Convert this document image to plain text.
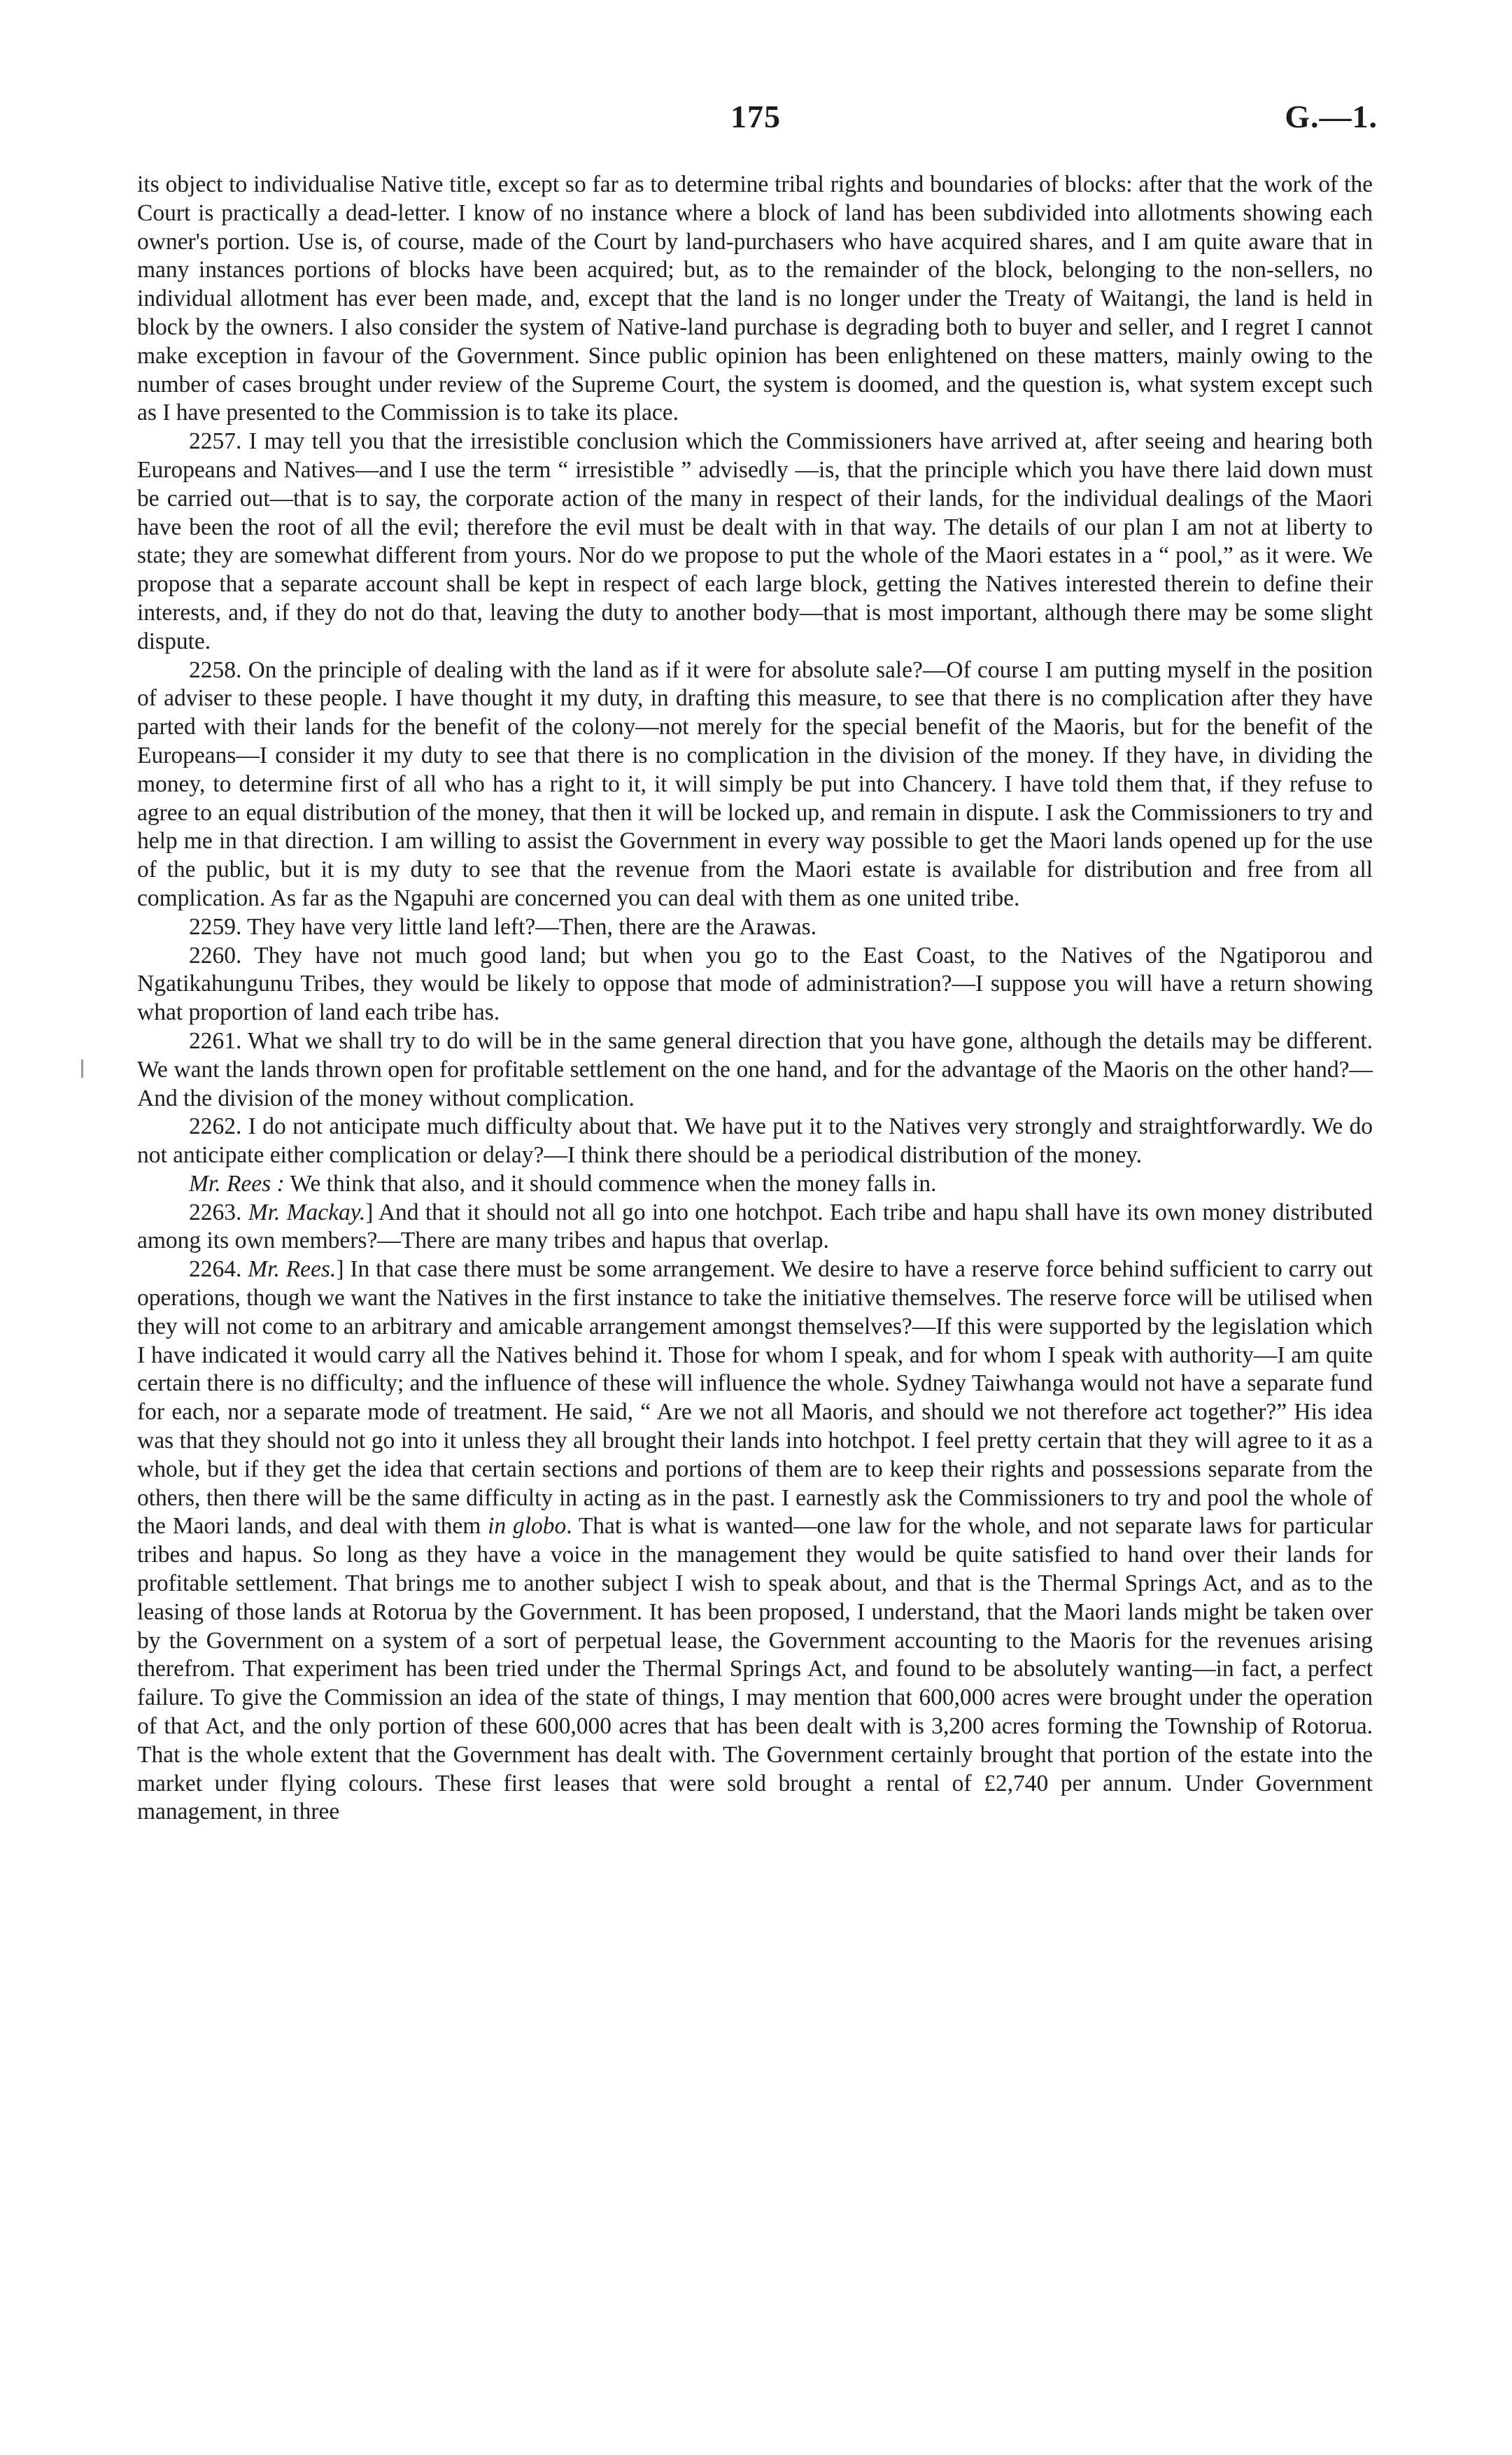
175	G.—1.

its object to individualise Native title, except so far as to determine tribal rights and boundaries of blocks: after that the work of the Court is practically a dead-letter. I know of no instance where a block of land has been subdivided into allotments showing each owner's portion. Use is, of course, made of the Court by land-purchasers who have acquired shares, and I am quite aware that in many instances portions of blocks have been acquired; but, as to the remainder of the block, belonging to the non-sellers, no individual allotment has ever been made, and, except that the land is no longer under the Treaty of Waitangi, the land is held in block by the owners. I also consider the system of Native-land purchase is degrading both to buyer and seller, and I regret I cannot make exception in favour of the Government. Since public opinion has been enlightened on these matters, mainly owing to the number of cases brought under review of the Supreme Court, the system is doomed, and the question is, what system except such as I have presented to the Commission is to take its place.

2257. I may tell you that the irresistible conclusion which the Commissioners have arrived at, after seeing and hearing both Europeans and Natives—and I use the term “ irresistible ” advisedly —is, that the principle which you have there laid down must be carried out—that is to say, the corporate action of the many in respect of their lands, for the individual dealings of the Maori have been the root of all the evil; therefore the evil must be dealt with in that way. The details of our plan I am not at liberty to state; they are somewhat different from yours. Nor do we propose to put the whole of the Maori estates in a “ pool,” as it were. We propose that a separate account shall be kept in respect of each large block, getting the Natives interested therein to define their interests, and, if they do not do that, leaving the duty to another body—that is most important, although there may be some slight dispute.

2258. On the principle of dealing with the land as if it were for absolute sale?—Of course I am putting myself in the position of adviser to these people. I have thought it my duty, in drafting this measure, to see that there is no complication after they have parted with their lands for the benefit of the colony—not merely for the special benefit of the Maoris, but for the benefit of the Europeans—I consider it my duty to see that there is no complication in the division of the money. If they have, in dividing the money, to determine first of all who has a right to it, it will simply be put into Chancery. I have told them that, if they refuse to agree to an equal distribution of the money, that then it will be locked up, and remain in dispute. I ask the Commissioners to try and help me in that direction. I am willing to assist the Government in every way possible to get the Maori lands opened up for the use of the public, but it is my duty to see that the revenue from the Maori estate is available for distribution and free from all complication. As far as the Ngapuhi are concerned you can deal with them as one united tribe.

2259. They have very little land left?—Then, there are the Arawas.

2260. They have not much good land; but when you go to the East Coast, to the Natives of the Ngatiporou and Ngatikahungunu Tribes, they would be likely to oppose that mode of administration?—I suppose you will have a return showing what proportion of land each tribe has.

2261. What we shall try to do will be in the same general direction that you have gone, although the details may be different. We want the lands thrown open for profitable settlement on the one hand, and for the advantage of the Maoris on the other hand?—And the division of the money without complication.

2262. I do not anticipate much difficulty about that. We have put it to the Natives very strongly and straightforwardly. We do not anticipate either complication or delay?—I think there should be a periodical distribution of the money.

Mr. Rees : We think that also, and it should commence when the money falls in.

2263. Mr. Mackay.] And that it should not all go into one hotchpot. Each tribe and hapu shall have its own money distributed among its own members?—There are many tribes and hapus that overlap.

2264. Mr. Rees.] In that case there must be some arrangement. We desire to have a reserve force behind sufficient to carry out operations, though we want the Natives in the first instance to take the initiative themselves. The reserve force will be utilised when they will not come to an arbitrary and amicable arrangement amongst themselves?—If this were supported by the legislation which I have indicated it would carry all the Natives behind it. Those for whom I speak, and for whom I speak with authority—I am quite certain there is no difficulty; and the influence of these will influence the whole. Sydney Taiwhanga would not have a separate fund for each, nor a separate mode of treatment. He said, “ Are we not all Maoris, and should we not therefore act together?” His idea was that they should not go into it unless they all brought their lands into hotchpot. I feel pretty certain that they will agree to it as a whole, but if they get the idea that certain sections and portions of them are to keep their rights and possessions separate from the others, then there will be the same difficulty in acting as in the past. I earnestly ask the Commissioners to try and pool the whole of the Maori lands, and deal with them in globo. That is what is wanted—one law for the whole, and not separate laws for particular tribes and hapus. So long as they have a voice in the management they would be quite satisfied to hand over their lands for profitable settlement. That brings me to another subject I wish to speak about, and that is the Thermal Springs Act, and as to the leasing of those lands at Rotorua by the Government. It has been proposed, I understand, that the Maori lands might be taken over by the Government on a system of a sort of perpetual lease, the Government accounting to the Maoris for the revenues arising therefrom. That experiment has been tried under the Thermal Springs Act, and found to be absolutely wanting—in fact, a perfect failure. To give the Commission an idea of the state of things, I may mention that 600,000 acres were brought under the operation of that Act, and the only portion of these 600,000 acres that has been dealt with is 3,200 acres forming the Township of Rotorua. That is the whole extent that the Government has dealt with. The Government certainly brought that portion of the estate into the market under flying colours. These first leases that were sold brought a rental of £2,740 per annum. Under Government management, in three
